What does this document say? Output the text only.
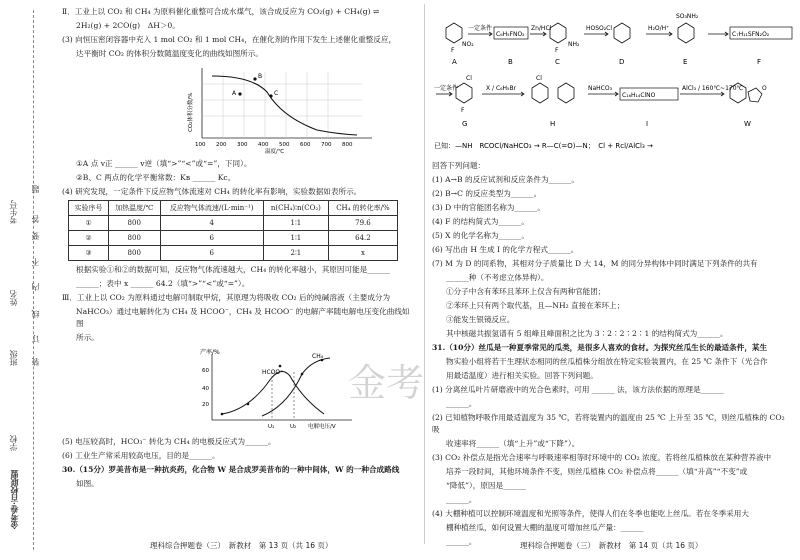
考生号
姓名
班级
学校
金考卷·百校联盟
题
答
要
不
内
线
订
装

Ⅱ．工业上以 CO₂ 和 CH₄ 为原料催化重整可合成水煤气，该合成反应为 CO₂(g) + CH₄(g) ⇌

2H₂(g) + 2CO(g)　ΔH＞0。

(3) 向恒压密闭容器中充入 1 mol CO₂ 和 1 mol CH₄，在催化剂的作用下发生上述催化重整反应，

达平衡时 CO₂ 的体积分数随温度变化的曲线如图所示。

A
B
C
CO₂体积分数/%
100 200 300 400 500 600 700 800
温度/℃

①A 点 v正 ______ v逆（填“>”“<”或“=”，下同）。

②B、C 两点的化学平衡常数：Kв ______ Kc。

(4) 研究发现，一定条件下反应物气体流速对 CH₄ 的转化率有影响，实验数据如表所示。

实验序号	加热温度/℃	反应物气体流速/(L·min⁻¹)	n(CH₄)∶n(CO₂)	CH₄ 的转化率/%
①	800	4	1∶1	79.6
②	800	6	1∶1	64.2
③	800	6	2∶1	x

根据实验①和②的数据可知，反应物气体流速越大，CH₄ 的转化率越小，其原因可能是______

______；表中 x ______ 64.2（填“>”“<”或“=”）。

Ⅲ．工业上以 CO₂ 为原料通过电解可制取甲烷，其原理为将吸收 CO₂ 后的纯碱溶液（主要成分为

NaHCO₃）通过电解转化为 CH₄ 及 HCOO⁻，CH₄ 及 HCOO⁻ 的电解产率随电解电压变化曲线如图

所示。

产率/%
60
40
20
HCOO⁻
CH₄
U₁	U₂ 电解电压/V

(5) 电压较高时，HCO₃⁻ 转化为 CH₄ 的电极反应式为______。

(6) 工业生产常采用较高电压，目的是______。

30.（15分）罗美昔布是一种抗炎药，化合物 W 是合成罗美昔布的一种中间体，W 的一种合成路线

如图。

C₆H₅FNO₂	C₇H₁₁SFN₂O₂
C₁₆H₁₄ClNO
一定条件	Zn/HCl	HOSO₂Cl	H₂O/H⁺
F
NH₂
SO₃NH₂
F
NO₂
A	B	C	D	E	F
一定条件	X / C₆H₅Br	NaHCO₃	AlCl₃ / 160℃~170℃
Cl
F
Cl
O
G	H	I	W
已知：—NH　RCOCl/NaHCO₃ → R—C(=O)—N；　Cl + Rcl/AlCl₃ →

回答下列问题：

(1) A→B 的反应试剂和反应条件为______。

(2) B→C 的反应类型为______。

(3) D 中的官能团名称为______。

(4) F 的结构简式为______。

(5) X 的化学名称为______。

(6) 写出由 H 生成 I 的化学方程式______。

(7) M 为 D 的同系物，其相对分子质量比 D 大 14，M 的同分异构体中同时满足下列条件的共有

______种（不考虑立体异构）。

①分子中含有苯环且苯环上仅含有两种官能团；

②苯环上只有两个取代基，且—NH₂ 直接在苯环上；

③能发生银镜反应。

其中核磁共振氢谱有 5 组峰且峰面积之比为 3∶2∶2∶2∶1 的结构简式为______。

31.（10分）丝瓜是一种夏季常见的瓜类，是很多人喜欢的食材。为探究丝瓜生长的最适条件，某生

物实验小组将若干生理状态相同的丝瓜植株分组放在特定实验装置内，在 25 ℃ 条件下（光合作

用最适温度）进行相关实验。回答下列问题。

(1) 分离丝瓜叶片研磨液中的光合色素时，可用 ______ 法，该方法依据的原理是______

______。

(2) 已知植物呼吸作用最适温度为 35 ℃，若将装置内的温度由 25 ℃ 上升至 35 ℃，则丝瓜植株的 CO₂ 吸

收速率将______（填“上升”或“下降”）。

(3) CO₂ 补偿点是指光合速率与呼吸速率相等时环境中的 CO₂ 浓度。若将丝瓜植株放在某种营养液中

培养一段时间，其他环境条件不变，则丝瓜植株 CO₂ 补偿点将______（填“升高”“不变”或

“降低”），原因是______

______。

(4) 大棚种植可以控制环境温度和光照等条件，使得人们在冬季也能吃上丝瓜。若在冬季采用大

棚种植丝瓜，如何设置大棚的温度可增加丝瓜产量：______

______。

金考
理科综合押题卷（三）　新教材　第 13 页（共 16 页）	理科综合押题卷（三）　新教材　第 14 页（共 16 页）
